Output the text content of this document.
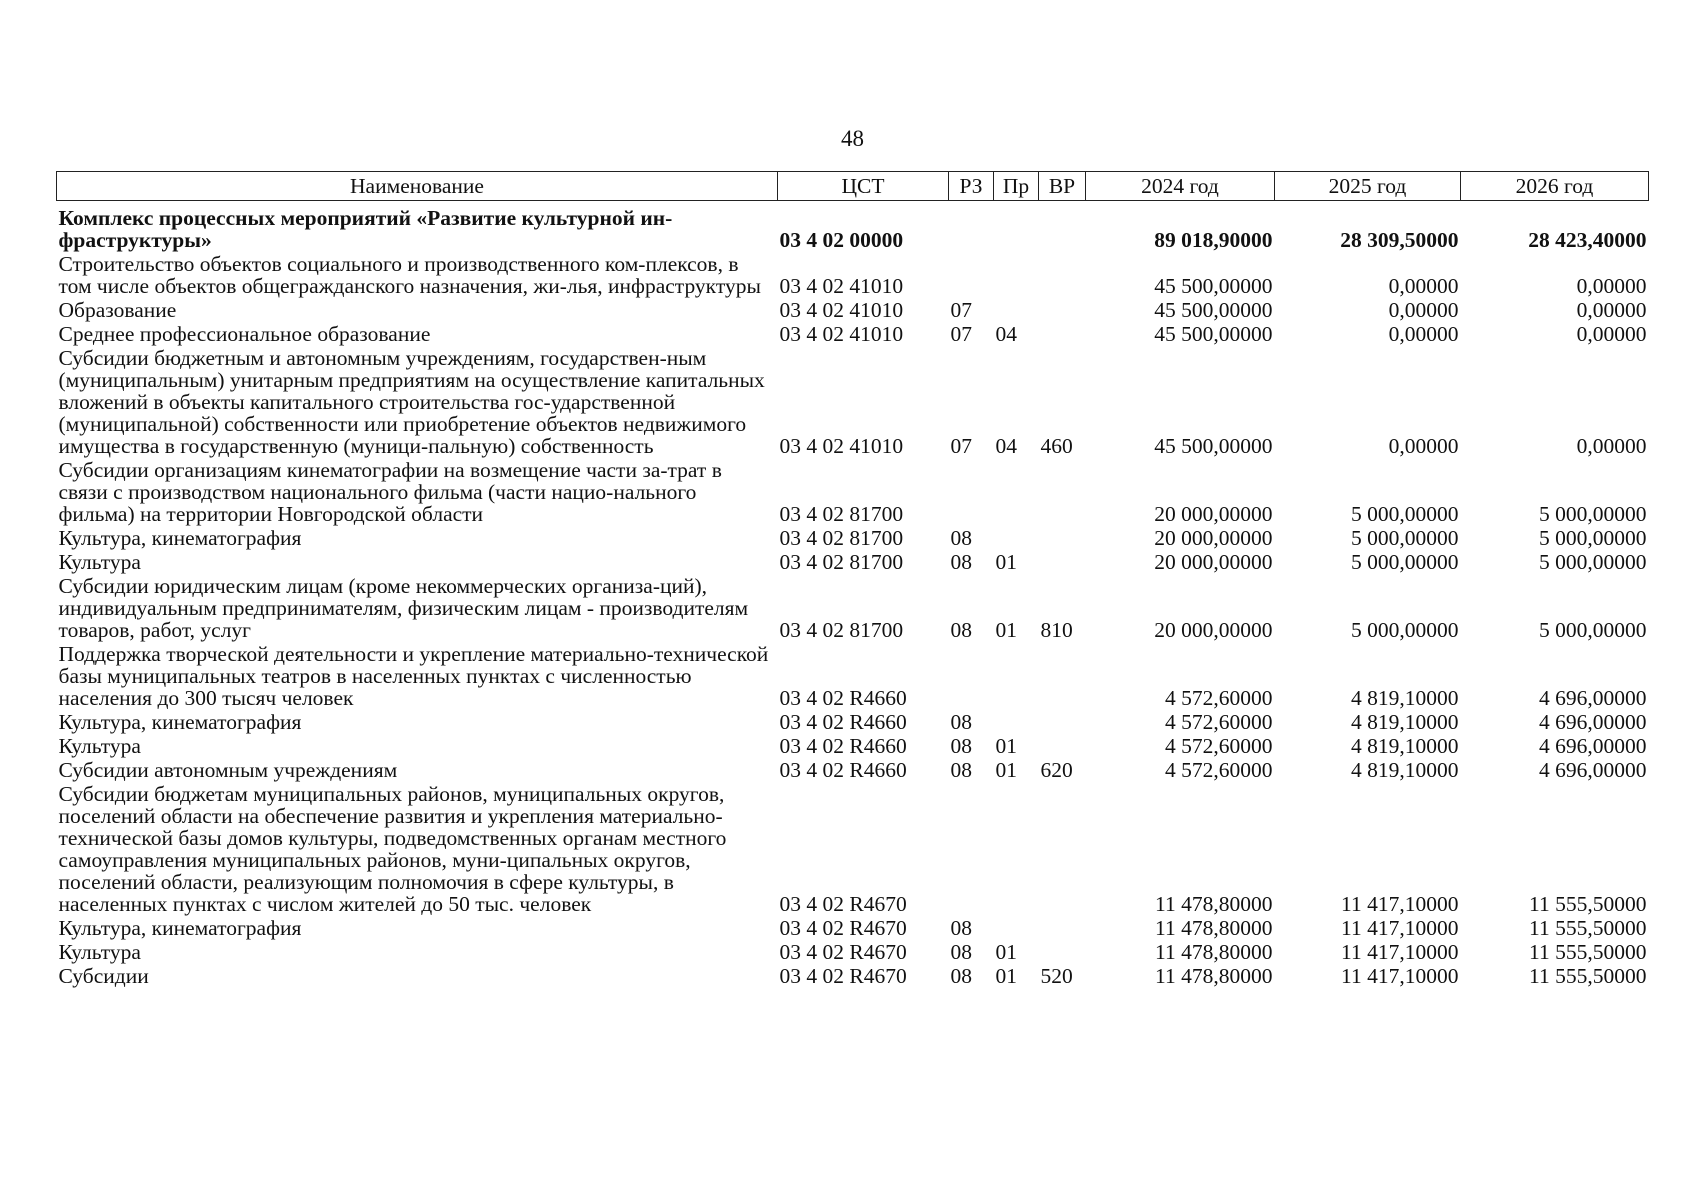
48
Наименование	ЦСТ	РЗ	Пр	ВР	2024 год	2025 год	2026 год
Комплекс процессных мероприятий «Развитие культурной ин-фраструктуры»	03 4 02 00000				89 018,90000	28 309,50000	28 423,40000
Строительство объектов социального и производственного ком-плексов, в том числе объектов общегражданского назначения, жи-лья, инфраструктуры	03 4 02 41010				45 500,00000	0,00000	0,00000
Образование	03 4 02 41010	07			45 500,00000	0,00000	0,00000
Среднее профессиональное образование	03 4 02 41010	07	04		45 500,00000	0,00000	0,00000
Субсидии бюджетным и автономным учреждениям, государствен-ным (муниципальным) унитарным предприятиям на осуществление капитальных вложений в объекты капитального строительства гос-ударственной (муниципальной) собственности или приобретение объектов недвижимого имущества в государственную (муници-пальную) собственность	03 4 02 41010	07	04	460	45 500,00000	0,00000	0,00000
Субсидии организациям кинематографии на возмещение части за-трат в связи с производством национального фильма (части нацио-нального фильма) на территории Новгородской области	03 4 02 81700				20 000,00000	5 000,00000	5 000,00000
Культура, кинематография	03 4 02 81700	08			20 000,00000	5 000,00000	5 000,00000
Культура	03 4 02 81700	08	01		20 000,00000	5 000,00000	5 000,00000
Субсидии юридическим лицам (кроме некоммерческих организа-ций), индивидуальным предпринимателям, физическим лицам - производителям товаров, работ, услуг	03 4 02 81700	08	01	810	20 000,00000	5 000,00000	5 000,00000
Поддержка творческой деятельности и укрепление материально-технической базы муниципальных театров в населенных пунктах с численностью населения до 300 тысяч человек	03 4 02 R4660				4 572,60000	4 819,10000	4 696,00000
Культура, кинематография	03 4 02 R4660	08			4 572,60000	4 819,10000	4 696,00000
Культура	03 4 02 R4660	08	01		4 572,60000	4 819,10000	4 696,00000
Субсидии автономным учреждениям	03 4 02 R4660	08	01	620	4 572,60000	4 819,10000	4 696,00000
Субсидии бюджетам муниципальных районов, муниципальных округов, поселений области на обеспечение развития и укрепления материально-технической базы домов культуры, подведомственных органам местного самоуправления муниципальных районов, муни-ципальных округов, поселений области, реализующим полномочия в сфере культуры, в населенных пунктах с числом жителей до 50 тыс. человек	03 4 02 R4670				11 478,80000	11 417,10000	11 555,50000
Культура, кинематография	03 4 02 R4670	08			11 478,80000	11 417,10000	11 555,50000
Культура	03 4 02 R4670	08	01		11 478,80000	11 417,10000	11 555,50000
Субсидии	03 4 02 R4670	08	01	520	11 478,80000	11 417,10000	11 555,50000
